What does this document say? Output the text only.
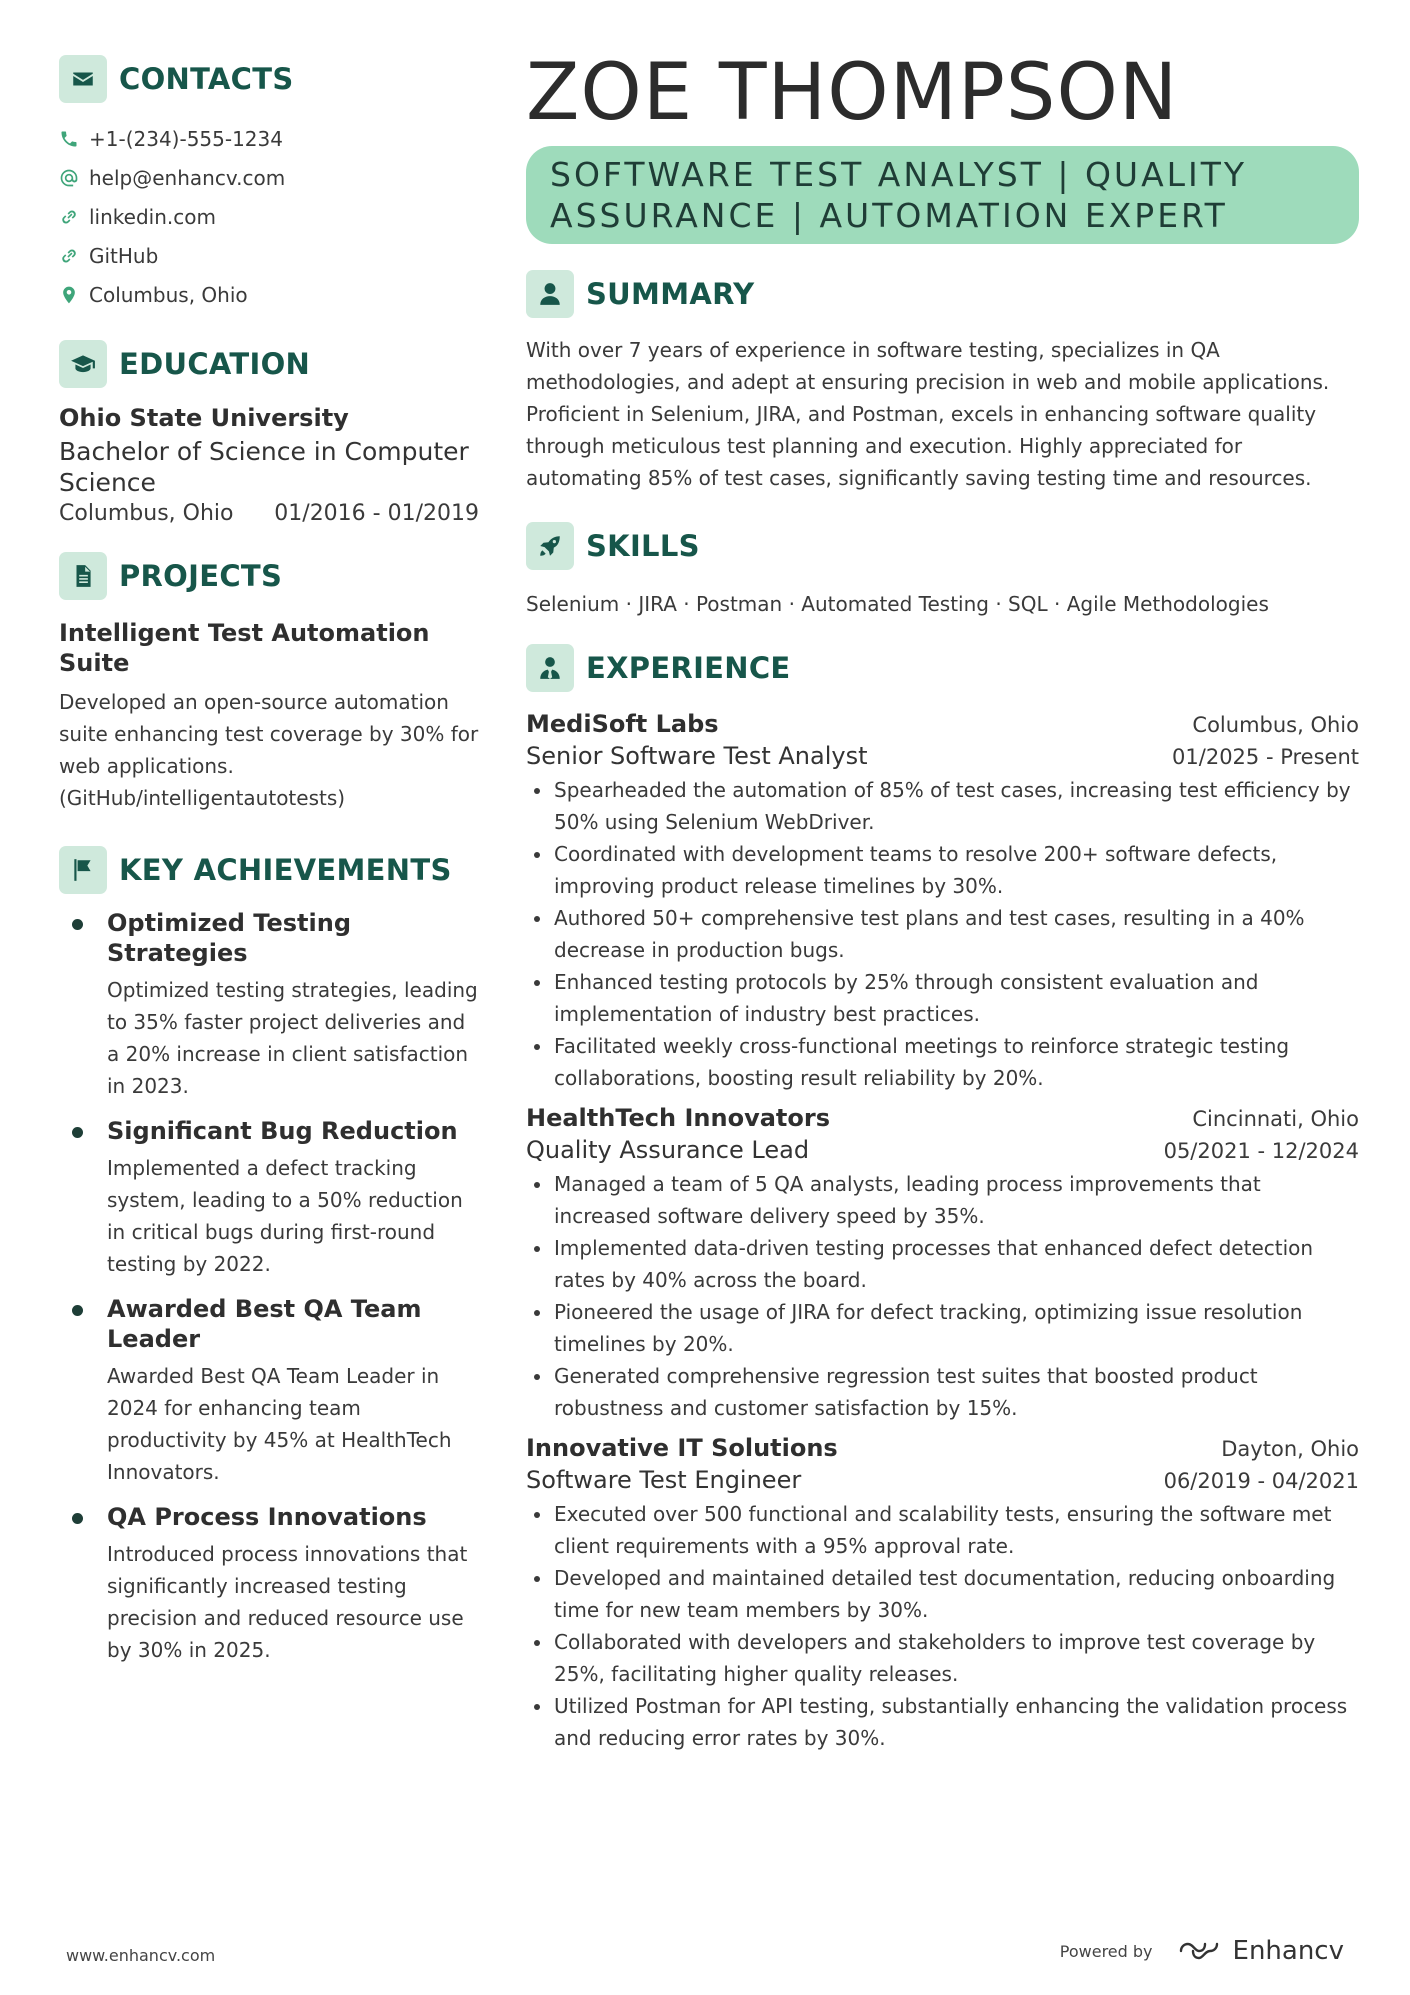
CONTACTS
+1-(234)-555-1234
help@enhancv.com
linkedin.com
GitHub
Columbus, Ohio
EDUCATION
Ohio State University
Bachelor of Science in Computer Science
Columbus, Ohio 01/2016 - 01/2019
PROJECTS
Intelligent Test Automation Suite
Developed an open-source automation suite enhancing test coverage by 30% for web applications. (GitHub/intelligentautotests)
KEY ACHIEVEMENTS
Optimized Testing Strategies
Optimized testing strategies, leading to 35% faster project deliveries and a 20% increase in client satisfaction in 2023.
Significant Bug Reduction
Implemented a defect tracking system, leading to a 50% reduction in critical bugs during first-round testing by 2022.
Awarded Best QA Team Leader
Awarded Best QA Team Leader in 2024 for enhancing team productivity by 45% at HealthTech Innovators.
QA Process Innovations
Introduced process innovations that significantly increased testing precision and reduced resource use by 30% in 2025.
ZOE THOMPSON
SOFTWARE TEST ANALYST | QUALITY
ASSURANCE | AUTOMATION EXPERT
SUMMARY
With over 7 years of experience in software testing, specializes in QA methodologies, and adept at ensuring precision in web and mobile applications. Proficient in Selenium, JIRA, and Postman, excels in enhancing software quality through meticulous test planning and execution. Highly appreciated for automating 85% of test cases, significantly saving testing time and resources.
SKILLS
Selenium · JIRA · Postman · Automated Testing · SQL · Agile Methodologies
EXPERIENCE
MediSoft Labs	Columbus, Ohio
Senior Software Test Analyst	01/2025 - Present
Spearheaded the automation of 85% of test cases, increasing test efficiency by 50% using Selenium WebDriver.
Coordinated with development teams to resolve 200+ software defects, improving product release timelines by 30%.
Authored 50+ comprehensive test plans and test cases, resulting in a 40% decrease in production bugs.
Enhanced testing protocols by 25% through consistent evaluation and implementation of industry best practices.
Facilitated weekly cross-functional meetings to reinforce strategic testing collaborations, boosting result reliability by 20%.
HealthTech Innovators	Cincinnati, Ohio
Quality Assurance Lead	05/2021 - 12/2024
Managed a team of 5 QA analysts, leading process improvements that increased software delivery speed by 35%.
Implemented data-driven testing processes that enhanced defect detection rates by 40% across the board.
Pioneered the usage of JIRA for defect tracking, optimizing issue resolution timelines by 20%.
Generated comprehensive regression test suites that boosted product robustness and customer satisfaction by 15%.
Innovative IT Solutions	Dayton, Ohio
Software Test Engineer	06/2019 - 04/2021
Executed over 500 functional and scalability tests, ensuring the software met client requirements with a 95% approval rate.
Developed and maintained detailed test documentation, reducing onboarding time for new team members by 30%.
Collaborated with developers and stakeholders to improve test coverage by 25%, facilitating higher quality releases.
Utilized Postman for API testing, substantially enhancing the validation process and reducing error rates by 30%.
www.enhancv.com	Powered by	Enhancv
